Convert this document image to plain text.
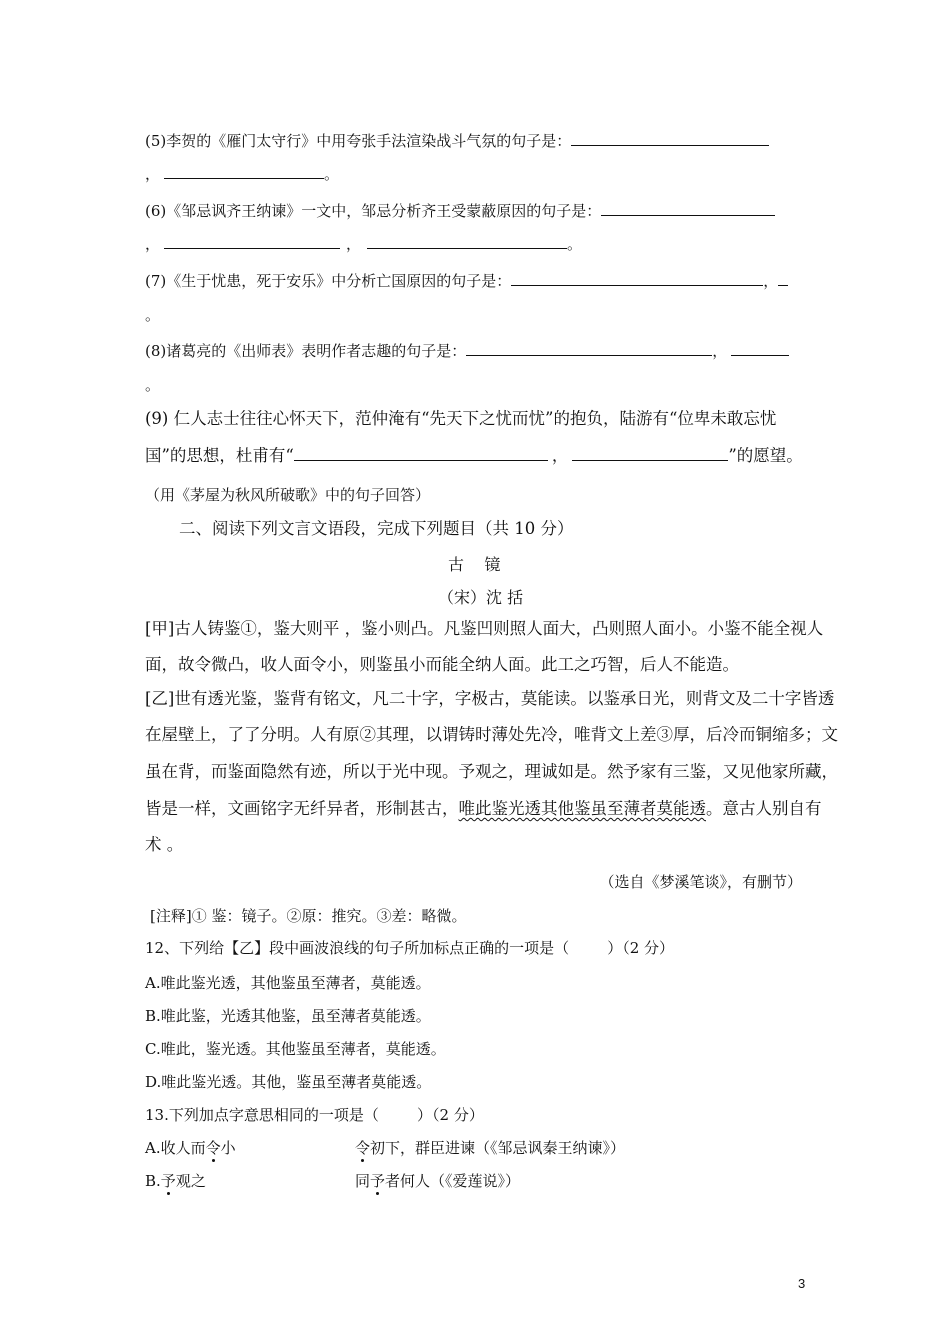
(5)李贺的《雁门太守行》中用夸张手法渲染战斗气氛的句子是：
，	。
(6)《邹忌讽齐王纳谏》一文中，邹忌分析齐王受蒙蔽原因的句子是：
，	，	。
(7)《生于忧患，死于安乐》中分析亡国原因的句子是：	，
。
(8)诸葛亮的《出师表》表明作者志趣的句子是：	，
。
(9) 仁人志士往往心怀天下，范仲淹有“先天下之忧而忧”的抱负，陆游有“位卑未敢忘忧
国”的思想，杜甫有“	，	”的愿望。
（用《茅屋为秋风所破歌》中的句子回答）
二、阅读下列文言文语段，完成下列题目（共 10 分）
古    镜
（宋）沈 括
[甲]古人铸鉴①，鉴大则平 ，鉴小则凸。凡鉴凹则照人面大，凸则照人面小。小鉴不能全视人
面，故令微凸，收人面令小，则鉴虽小而能全纳人面。此工之巧智，后人不能造。
[乙]世有透光鉴，鉴背有铭文，凡二十字，字极古，莫能读。以鉴承日光，则背文及二十字皆透
在屋壁上，了了分明。人有原②其理，以谓铸时薄处先冷，唯背文上差③厚，后冷而铜缩多；文
虽在背，而鉴面隐然有迹，所以于光中现。予观之，理诚如是。然予家有三鉴，又见他家所藏，
皆是一样，文画铭字无纤异者，形制甚古，唯此鉴光透其他鉴虽至薄者莫能透。意古人别自有
术 。
（选自《梦溪笔谈》，有删节）
[注释]① 鉴：镜子。②原：推究。③差：略微。
12、下列给【乙】段中画波浪线的句子所加标点正确的一项是（        ）（2 分）
A.唯此鉴光透，其他鉴虽至薄者，莫能透。
B.唯此鉴，光透其他鉴，虽至薄者莫能透。
C.唯此，鉴光透。其他鉴虽至薄者，莫能透。
D.唯此鉴光透。其他，鉴虽至薄者莫能透。
13.下列加点字意思相同的一项是（        ）（2 分）
A.收人而令小	令初下，群臣进谏（《邹忌讽秦王纳谏》）
B.予观之	同予者何人（《爱莲说》）
3
